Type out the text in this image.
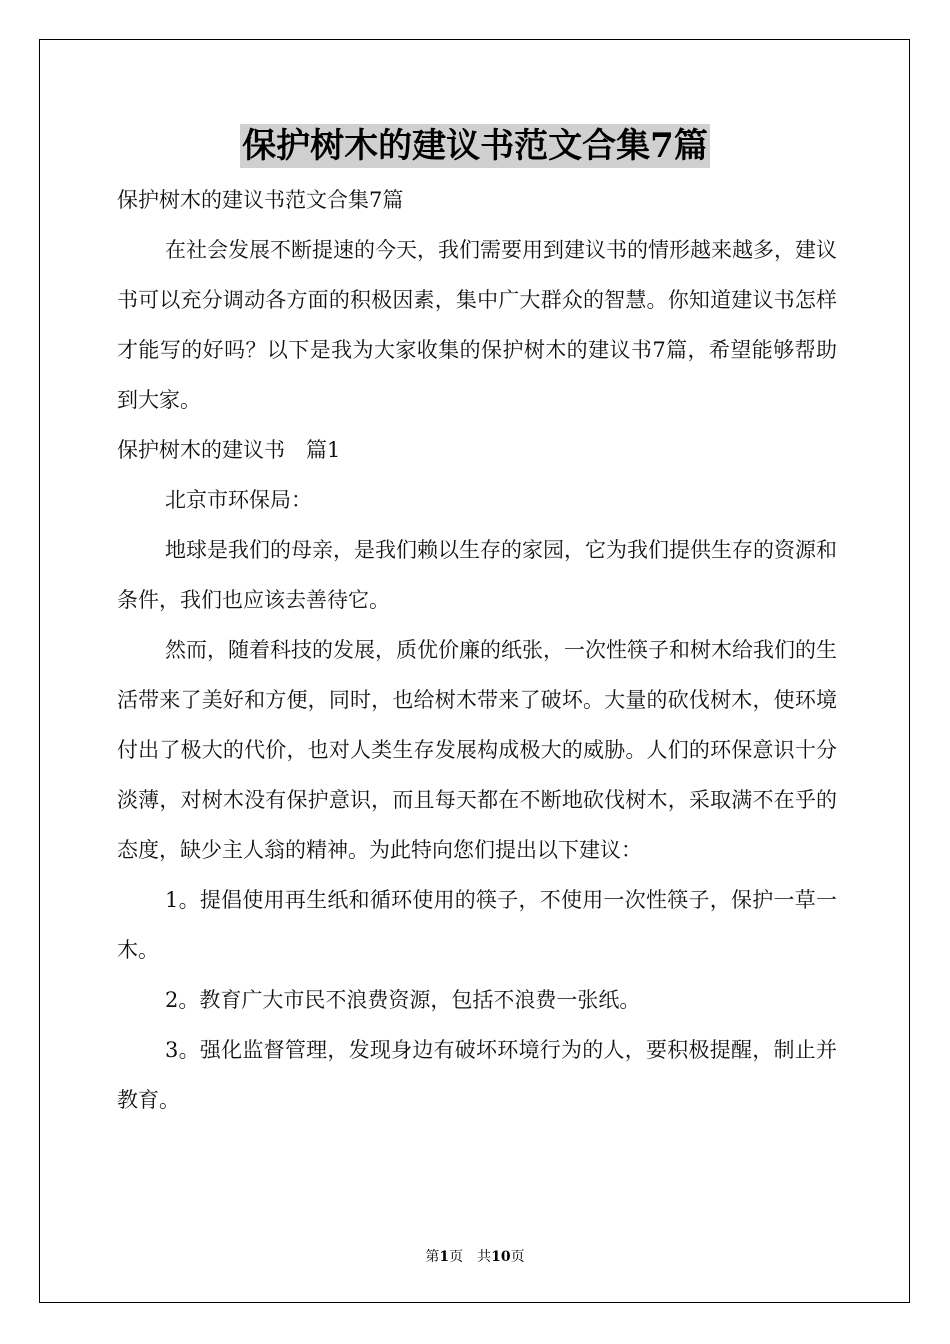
保护树木的建议书范文合集7篇

保护树木的建议书范文合集7篇

在社会发展不断提速的今天，我们需要用到建议书的情形越来越多，建议书可以充分调动各方面的积极因素，集中广大群众的智慧。你知道建议书怎样才能写的好吗？以下是我为大家收集的保护树木的建议书7篇，希望能够帮助到大家。

保护树木的建议书　篇1

北京市环保局：

地球是我们的母亲，是我们赖以生存的家园，它为我们提供生存的资源和条件，我们也应该去善待它。

然而，随着科技的发展，质优价廉的纸张，一次性筷子和树木给我们的生活带来了美好和方便，同时，也给树木带来了破坏。大量的砍伐树木，使环境付出了极大的代价，也对人类生存发展构成极大的威胁。人们的环保意识十分淡薄，对树木没有保护意识，而且每天都在不断地砍伐树木，采取满不在乎的态度，缺少主人翁的精神。为此特向您们提出以下建议：

1。提倡使用再生纸和循环使用的筷子，不使用一次性筷子，保护一草一木。

2。教育广大市民不浪费资源，包括不浪费一张纸。

3。强化监督管理，发现身边有破坏环境行为的人，要积极提醒，制止并教育。

第1页　共10页
